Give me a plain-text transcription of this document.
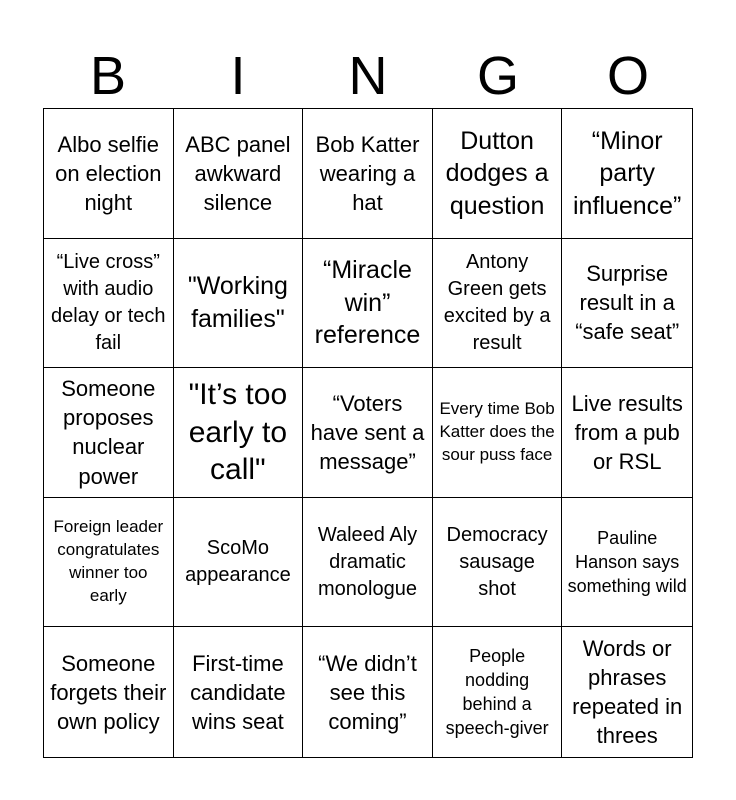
B	I	N	G	O
Albo selfie on election night
ABC panel awkward silence
Bob Katter wearing a hat
Dutton dodges a question
“Minor party influence”
“Live cross” with audio delay or tech fail
"Working families"
“Miracle win” reference
Antony Green gets excited by a result
Surprise result in a “safe seat”
Someone proposes nuclear power
"It’s too early to call"
“Voters have sent a message”
Every time Bob Katter does the sour puss face
Live results from a pub or RSL
Foreign leader congratulates winner too early
ScoMo appearance
Waleed Aly dramatic monologue
Democracy sausage shot
Pauline Hanson says something wild
Someone forgets their own policy
First-time candidate wins seat
“We didn’t see this coming”
People nodding behind a speech-giver
Words or phrases repeated in threes
